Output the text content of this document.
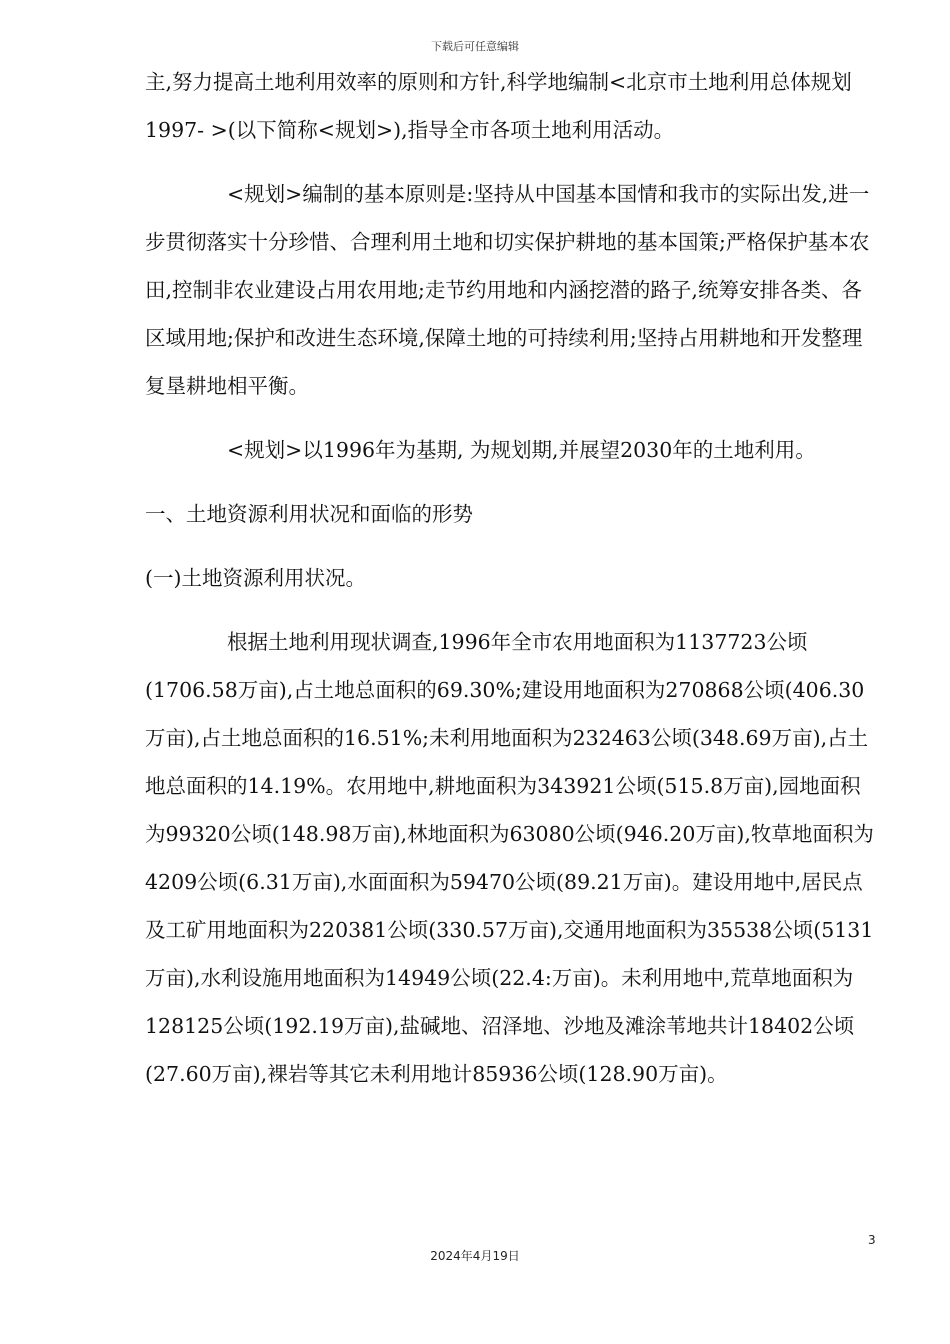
下载后可任意编辑

主,努力提高土地利用效率的原则和方针,科学地编制<北京市土地利用总体规划1997- >(以下简称<规划>),指导全市各项土地利用活动。

<规划>编制的基本原则是:坚持从中国基本国情和我市的实际出发,进一步贯彻落实十分珍惜、合理利用土地和切实保护耕地的基本国策;严格保护基本农田,控制非农业建设占用农用地;走节约用地和内涵挖潜的路子,统筹安排各类、各区域用地;保护和改进生态环境,保障土地的可持续利用;坚持占用耕地和开发整理复垦耕地相平衡。

<规划>以1996年为基期, 为规划期,并展望2030年的土地利用。

一、土地资源利用状况和面临的形势

(一)土地资源利用状况。

根据土地利用现状调查,1996年全市农用地面积为1137723公顷(1706.58万亩),占土地总面积的69.30%;建设用地面积为270868公顷(406.30万亩),占土地总面积的16.51%;未利用地面积为232463公顷(348.69万亩),占土地总面积的14.19%。农用地中,耕地面积为343921公顷(515.8万亩),园地面积为99320公顷(148.98万亩),林地面积为63080公顷(946.20万亩),牧草地面积为4209公顷(6.31万亩),水面面积为59470公顷(89.21万亩)。建设用地中,居民点及工矿用地面积为220381公顷(330.57万亩),交通用地面积为35538公顷(5131万亩),水利设施用地面积为14949公顷(22.4:万亩)。未利用地中,荒草地面积为128125公顷(192.19万亩),盐碱地、沼泽地、沙地及滩涂苇地共计18402公顷(27.60万亩),裸岩等其它未利用地计85936公顷(128.90万亩)。

3
2024年4月19日
